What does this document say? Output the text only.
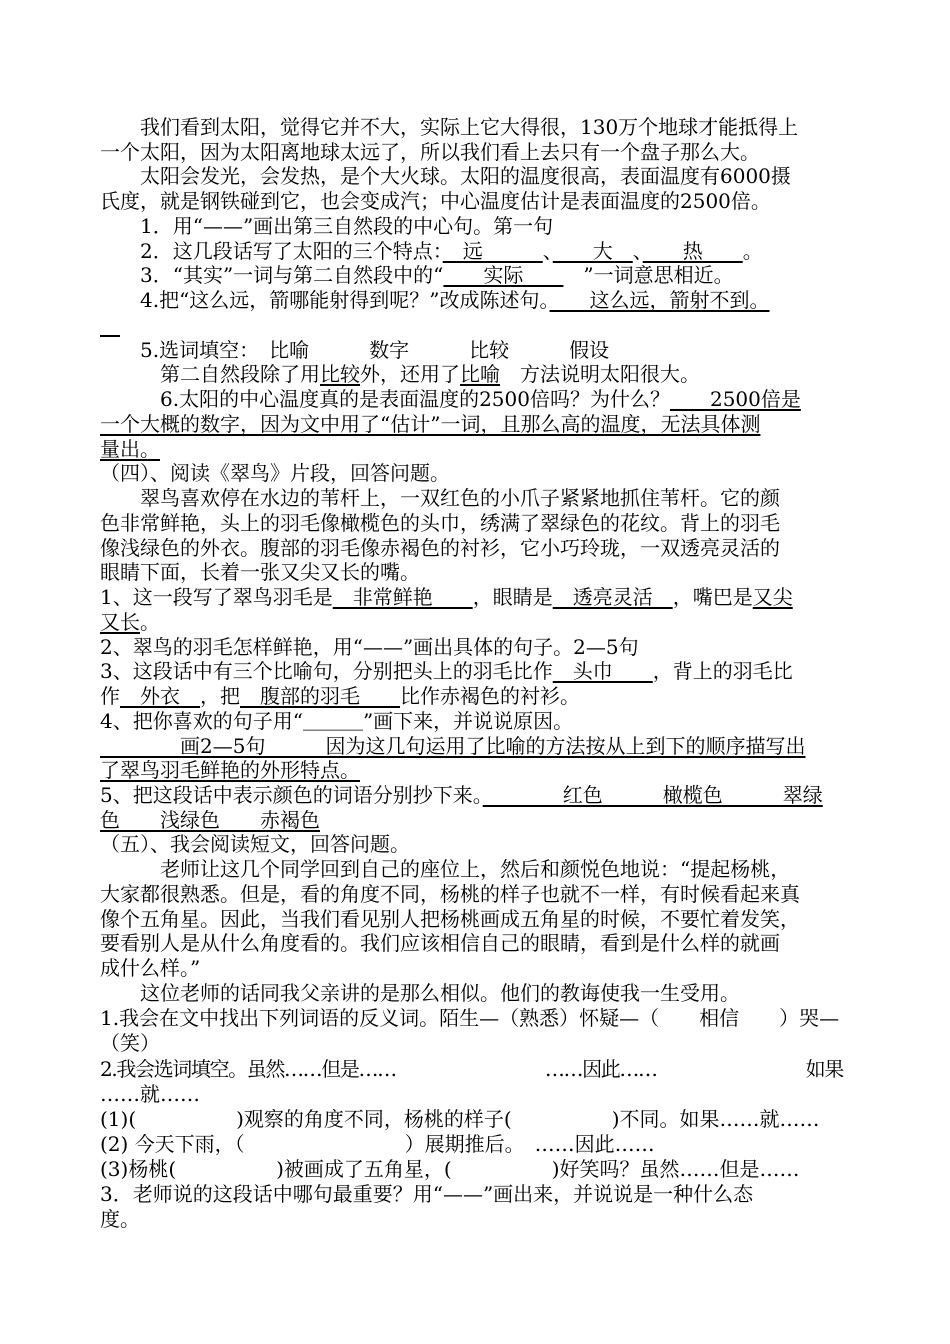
　　我们看到太阳，觉得它并不大，实际上它大得很，130万个地球才能抵得上
一个太阳，因为太阳离地球太远了，所以我们看上去只有一个盘子那么大。
　　太阳会发光，会发热，是个大火球。太阳的温度很高，表面温度有6000摄
氏度，就是钢铁碰到它，也会变成汽；中心温度估计是表面温度的2500倍。
　　1．用“——”画出第三自然段的中心句。第一句
　　2．这几段话写了太阳的三个特点：　远　　　、　　大　、　　热　　。
　　3．“其实”一词与第二自然段中的“　　实际　　　”一词意思相近。
　　4.把“这么远，箭哪能射得到呢？”改成陈述句。　　这么远，箭射不到。

　　5.选词填空：　比喻　　　数字　　　比较　　　假设
　　　第二自然段除了用比较外，还用了比喻　方法说明太阳很大。
　　　6.太阳的中心温度真的是表面温度的2500倍吗？为什么？　　2500倍是
一个大概的数字，因为文中用了“估计”一词，且那么高的温度，无法具体测
量出。
（四）、阅读《翠鸟》片段，回答问题。
　　翠鸟喜欢停在水边的苇杆上，一双红色的小爪子紧紧地抓住苇杆。它的颜
色非常鲜艳，头上的羽毛像橄榄色的头巾，绣满了翠绿色的花纹。背上的羽毛
像浅绿色的外衣。腹部的羽毛像赤褐色的衬衫，它小巧玲珑，一双透亮灵活的
眼睛下面，长着一张又尖又长的嘴。
1、这一段写了翠鸟羽毛是　非常鲜艳　　，眼睛是　透亮灵活　，嘴巴是又尖
又长。
2、翠鸟的羽毛怎样鲜艳，用“——”画出具体的句子。2—5句
3、这段话中有三个比喻句，分别把头上的羽毛比作　头巾　　，背上的羽毛比
作　外衣　，把　腹部的羽毛　　比作赤褐色的衬衫。
4、把你喜欢的句子用“＿＿＿”画下来，并说说原因。
　　　　画2—5句　　　因为这几句运用了比喻的方法按从上到下的顺序描写出
了翠鸟羽毛鲜艳的外形特点。
5、把这段话中表示颜色的词语分别抄下来。　　　　红色　　　橄榄色　　　翠绿
色　　浅绿色　　赤褐色
（五）、我会阅读短文，回答问题。
　　　老师让这几个同学回到自己的座位上，然后和颜悦色地说：“提起杨桃，
大家都很熟悉。但是，看的角度不同，杨桃的样子也就不一样，有时候看起来真
像个五角星。因此，当我们看见别人把杨桃画成五角星的时候，不要忙着发笑，
要看别人是从什么角度看的。我们应该相信自己的眼睛，看到是什么样的就画
成什么样。”
　　这位老师的话同我父亲讲的是那么相似。他们的教诲使我一生受用。
1.我会在文中找出下列词语的反义词。陌生—（熟悉）怀疑—（　　相信　　）哭—
（笑）
2.我会选词填空。虽然……但是……　　　　　　　　……因此……　　　　　　　　如果
……就……
(1)(　　　　　)观察的角度不同，杨桃的样子(　　　　　)不同。如果……就……
(2) 今天下雨，（　　　　　　　　）展期推后。　……因此……
(3)杨桃(　　　　　)被画成了五角星，(　　　　　)好笑吗？虽然……但是……
3．老师说的这段话中哪句最重要？用“——”画出来，并说说是一种什么态
度。
